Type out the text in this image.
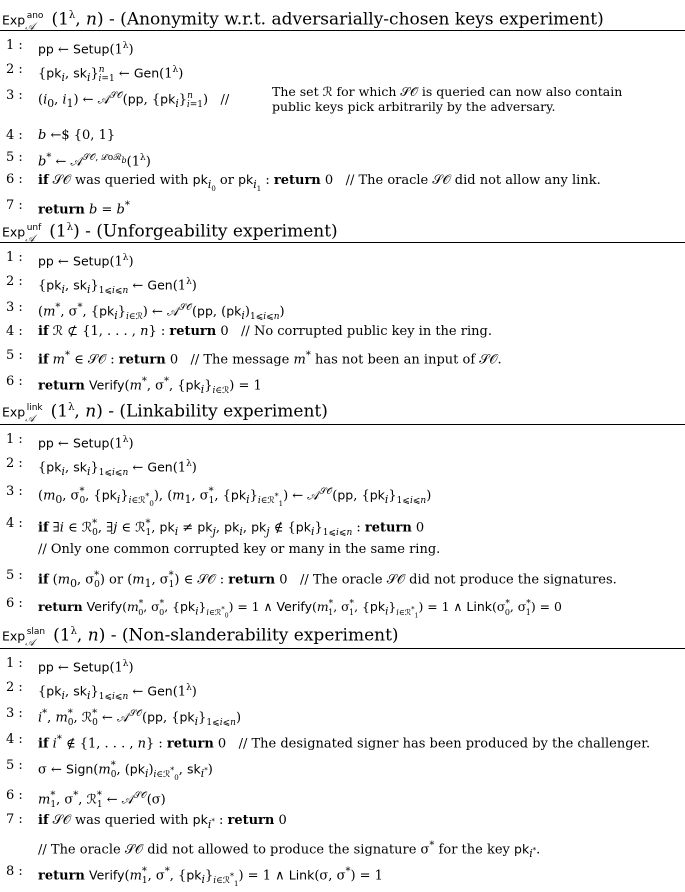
Exp$_𝒜^{ano}$ ($1^\lambda$, n) - (Anonymity w.r.t. adversarially-chosen keys experiment)
1 :	pp ← $Setup(1^\lambda)$
2 :	{$pk_i$, $sk_i\}^n_{i=1}$ ← $Gen(1^\lambda)$
3 :	($i_0$, $i_1$) ← 𝒜$^{𝒮𝒪}$(pp, $\{pk_i\}^n_{i=1}$)   //
The set ℛ for which 𝒮𝒪 is queried can now also contain public keys pick arbitrarily by the adversary.
4 :	b ←$ {0, 1}
5 :	b* ← $𝒜^{𝒮𝒪, ℒoℛ_b}(1^\lambda)$
6 :	if 𝒮𝒪 was queried with $pk_{i_0}$ or $pk_{i_1}$ : return 0   // The oracle 𝒮𝒪 did not allow any link.
7 :	return b = b*
Exp$_𝒜^{unf}$ $(1^\lambda)$ - (Unforgeability experiment)
1 :	pp ← $Setup(1^\lambda)$
2 :	{$pk_i$, $sk_i\}_{1⩽i⩽n}$ ← $Gen(1^\lambda)$
3 :	(m*, σ*, $\{pk_i\}_{i\in ℛ}$) ← 𝒜$^{𝒮𝒪}$(pp, $(pk_i)_{1⩽i⩽n}$)
4 :	if ℛ ⊄ {1, . . . , n} : return 0   // No corrupted public key in the ring.
5 :	if m* ∈ 𝒮𝒪 : return 0   // The message m* has not been an input of 𝒮𝒪.
6 :	return Verify(m*, σ*, $\{pk_i\}_{i\in ℛ}) = 1$
Exp$_𝒜^{link}$ ($1^\lambda$, n) - (Linkability experiment)
1 :	pp ← $Setup(1^\lambda)$
2 :	{$pk_i$, $sk_i\}_{1⩽i⩽n}$ ← $Gen(1^\lambda)$
3 :	($m_0$, $\sigma^*_0$, $\{pk_i\}_{i\in ℛ^*_0}$), ($m_1$, $\sigma^*_1$, $\{pk_i\}_{i\in ℛ^*_1}$) ← 𝒜$^{𝒮𝒪}$(pp, $\{pk_i\}_{1⩽i⩽n}$)
4 :	if ∃i ∈ ℛ*$_0$, ∃j ∈ ℛ*$_1$, $pk_i \ne pk_j$, $pk_i$, $pk_j$ ∉ $\{pk_i\}_{1⩽i⩽n}$ : return 0
// Only one common corrupted key or many in the same ring.
5 :	if ($m_0$, $\sigma^*_0$) or ($m_1$, $\sigma^*_1$) ∈ 𝒮𝒪 : return 0   // The oracle 𝒮𝒪 did not produce the signatures.
6 :	return $Verify(m^*_0$, $\sigma^*_0$, $\{pk_i\}_{i\in ℛ^*_0}) = 1$ ∧ $Verify(m^*_1$, $\sigma^*_1$, $\{pk_i\}_{i\in ℛ^*_1}) = 1$ ∧ $Link(\sigma^*_0$, $\sigma^*_1) = 0$
Exp$_𝒜^{slan}$ ($1^\lambda$, n) - (Non-slanderability experiment)
1 :	pp ← $Setup(1^\lambda)$
2 :	{$pk_i$, $sk_i\}_{1⩽i⩽n}$ ← $Gen(1^\lambda)$
3 :	i*, $m^*_0$, ℛ*$_0$ ← 𝒜$^{𝒮𝒪}$(pp, $\{pk_i\}_{1⩽i⩽n}$)
4 :	if i* ∉ {1, . . . , n} : return 0   // The designated signer has been produced by the challenger.
5 :	σ ← $Sign(m^*_0$, $(pk_i)_{i\in ℛ^*_0}$, $sk_{i^*}$)
6 :	$m^*_1$, σ*, ℛ*$_1$ ← 𝒜$^{𝒮𝒪}$(σ)
7 :	if 𝒮𝒪 was queried with $pk_{i^*}$ : return 0
// The oracle 𝒮𝒪 did not allowed to produce the signature σ* for the key $pk_{i^*}$.
8 :	return $Verify(m^*_1$, σ*, $\{pk_i\}_{i\in ℛ^*_1}) = 1$ ∧ Link(σ, σ*) = 1
